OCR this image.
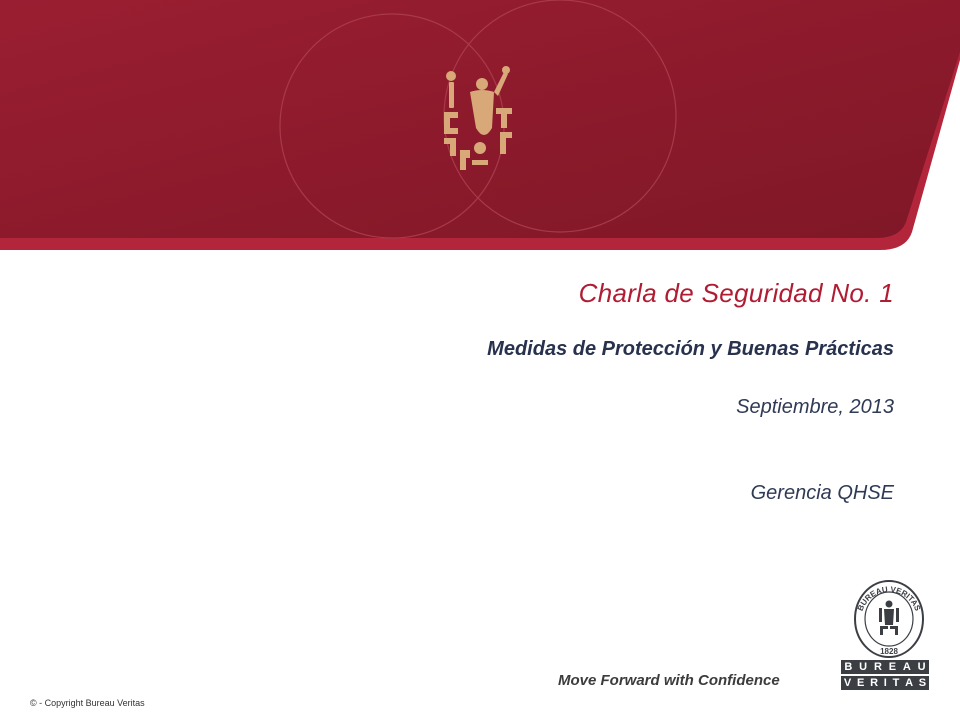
Charla de Seguridad No. 1
Medidas de Protección y Buenas Prácticas
Septiembre, 2013
Gerencia QHSE
Move Forward with Confidence
© - Copyright Bureau Veritas
BUREAU VERITAS
1828
B U R E A U
V E R I T A S
